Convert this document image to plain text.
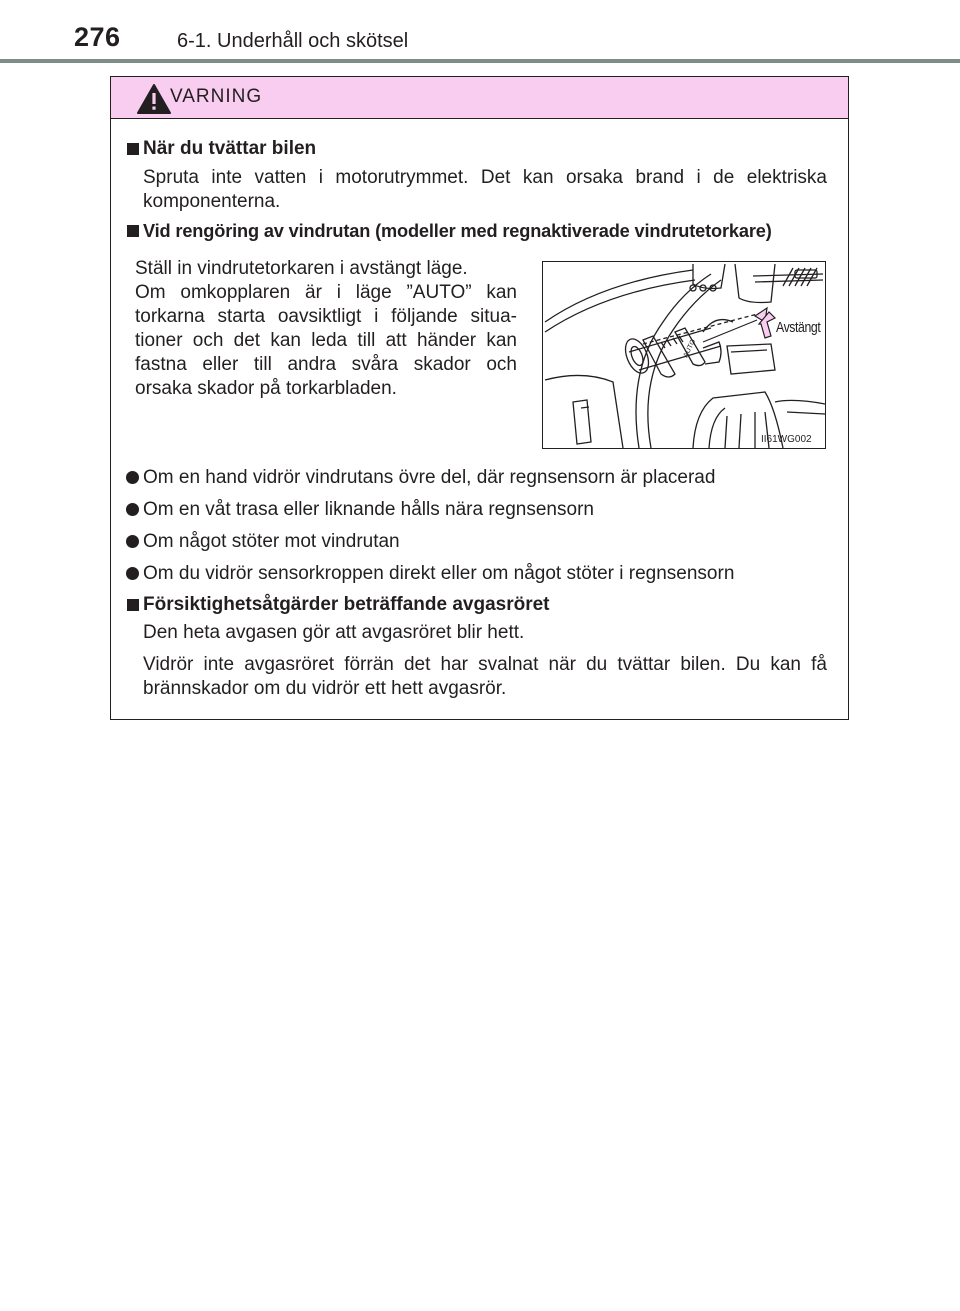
276	6-1. Underhåll och skötsel
VARNING
När du tvättar bilen
Spruta inte vatten i motorutrymmet. Det kan orsaka brand i de elektriska
komponenterna.
Vid rengöring av vindrutan (modeller med regnaktiverade vindrutetorkare)
Ställ in vindrutetorkaren i avstängt läge.
Om omkopplaren är i läge ”AUTO” kan
torkarna starta oavsiktligt i följande situa-
tioner och det kan leda till att händer kan
fastna eller till andra svåra skador och
orsaka skador på torkarbladen.
AUTO
Avstängt
II61WG002
Om en hand vidrör vindrutans övre del, där regnsensorn är placerad
Om en våt trasa eller liknande hålls nära regnsensorn
Om något stöter mot vindrutan
Om du vidrör sensorkroppen direkt eller om något stöter i regnsensorn
Försiktighetsåtgärder beträffande avgasröret
Den heta avgasen gör att avgasröret blir hett.
Vidrör inte avgasröret förrän det har svalnat när du tvättar bilen. Du kan få
brännskador om du vidrör ett hett avgasrör.
